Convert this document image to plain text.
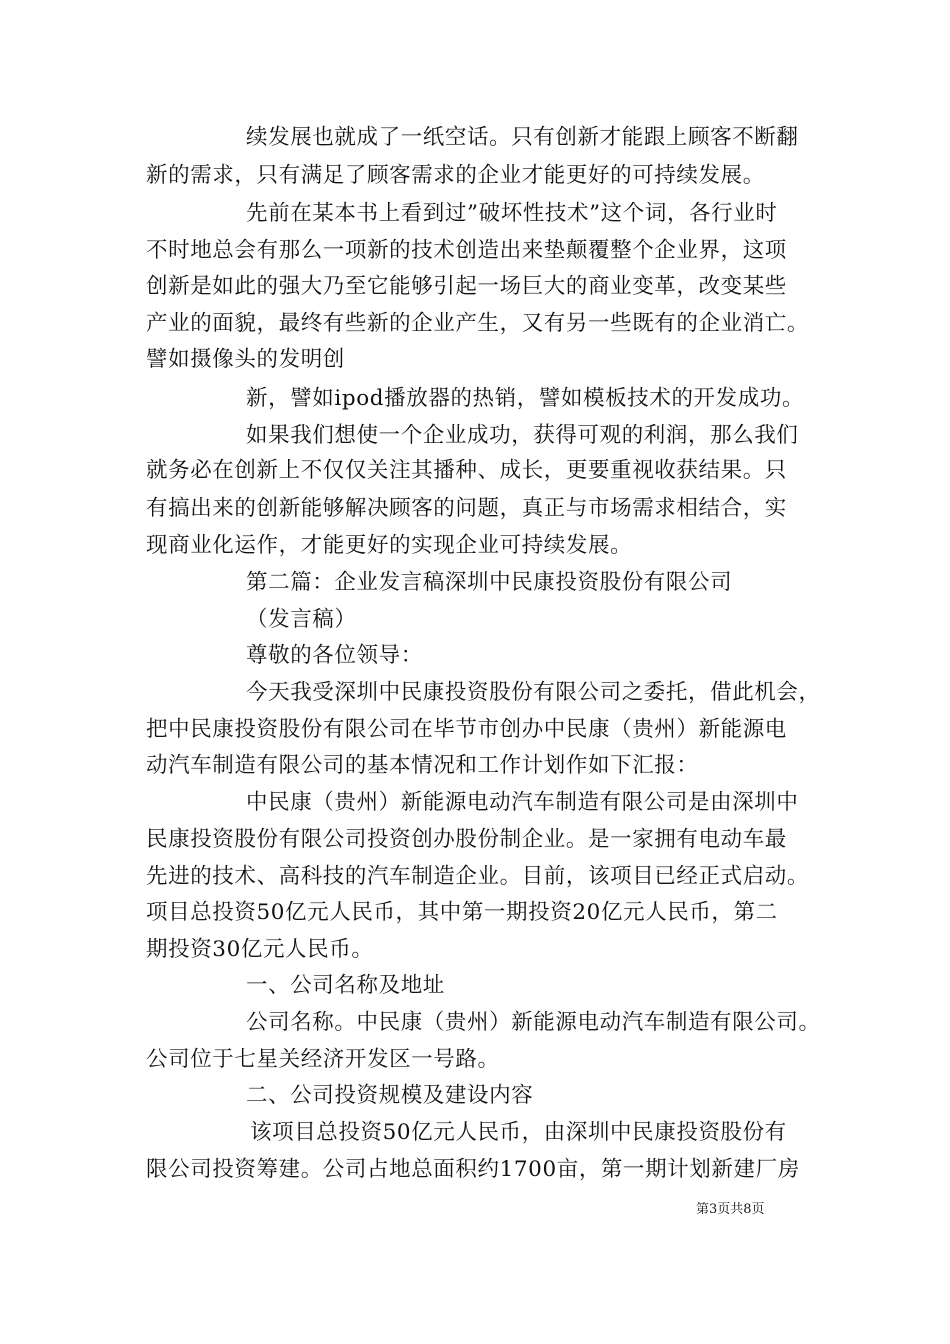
续发展也就成了一纸空话。只有创新才能跟上顾客不断翻
新的需求，只有满足了顾客需求的企业才能更好的可持续发展。
先前在某本书上看到过”破坏性技术”这个词，各行业时
不时地总会有那么一项新的技术创造出来垫颠覆整个企业界，这项
创新是如此的强大乃至它能够引起一场巨大的商业变革，改变某些
产业的面貌，最终有些新的企业产生，又有另一些既有的企业消亡。
譬如摄像头的发明创
新，譬如ipod播放器的热销，譬如模板技术的开发成功。
如果我们想使一个企业成功，获得可观的利润，那么我们
就务必在创新上不仅仅关注其播种、成长，更要重视收获结果。只
有搞出来的创新能够解决顾客的问题，真正与市场需求相结合，实
现商业化运作，才能更好的实现企业可持续发展。
第二篇：企业发言稿深圳中民康投资股份有限公司
（发言稿）
尊敬的各位领导：
今天我受深圳中民康投资股份有限公司之委托，借此机会，
把中民康投资股份有限公司在毕节市创办中民康（贵州）新能源电
动汽车制造有限公司的基本情况和工作计划作如下汇报：
中民康（贵州）新能源电动汽车制造有限公司是由深圳中
民康投资股份有限公司投资创办股份制企业。是一家拥有电动车最
先进的技术、高科技的汽车制造企业。目前，该项目已经正式启动。
项目总投资50亿元人民币，其中第一期投资20亿元人民币，第二
期投资30亿元人民币。
一、公司名称及地址
公司名称。中民康（贵州）新能源电动汽车制造有限公司。
公司位于七星关经济开发区一号路。
二、公司投资规模及建设内容
该项目总投资50亿元人民币，由深圳中民康投资股份有
限公司投资筹建。公司占地总面积约1700亩，第一期计划新建厂房
第3页共8页
